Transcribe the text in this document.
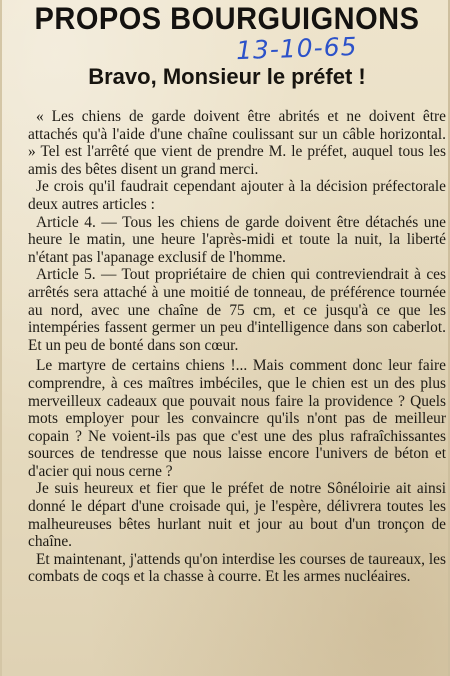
PROPOS BOURGUIGNONS
13-10-65
Bravo, Monsieur le préfet !

« Les chiens de garde doivent être abrités et ne doivent être attachés qu'à l'aide d'une chaîne coulissant sur un câble horizontal. » Tel est l'arrêté que vient de prendre M. le préfet, auquel tous les amis des bêtes disent un grand merci.

Je crois qu'il faudrait cependant ajouter à la décision préfectorale deux autres articles :

Article 4. — Tous les chiens de garde doivent être détachés une heure le matin, une heure l'après-midi et toute la nuit, la liberté n'étant pas l'apanage exclusif de l'homme.

Article 5. — Tout propriétaire de chien qui contreviendrait à ces arrêtés sera attaché à une moitié de tonneau, de préférence tournée au nord, avec une chaîne de 75 cm, et ce jusqu'à ce que les intempéries fassent germer un peu d'intelligence dans son caberlot. Et un peu de bonté dans son cœur.

Le martyre de certains chiens !... Mais comment donc leur faire comprendre, à ces maîtres imbéciles, que le chien est un des plus merveilleux cadeaux que pouvait nous faire la providence ? Quels mots employer pour les convaincre qu'ils n'ont pas de meilleur copain ? Ne voient-ils pas que c'est une des plus rafraîchissantes sources de tendresse que nous laisse encore l'univers de béton et d'acier qui nous cerne ?

Je suis heureux et fier que le préfet de notre Sônéloirie ait ainsi donné le départ d'une croisade qui, je l'espère, délivrera toutes les malheureuses bêtes hurlant nuit et jour au bout d'un tronçon de chaîne.

Et maintenant, j'attends qu'on interdise les courses de taureaux, les combats de coqs et la chasse à courre. Et les armes nucléaires.
